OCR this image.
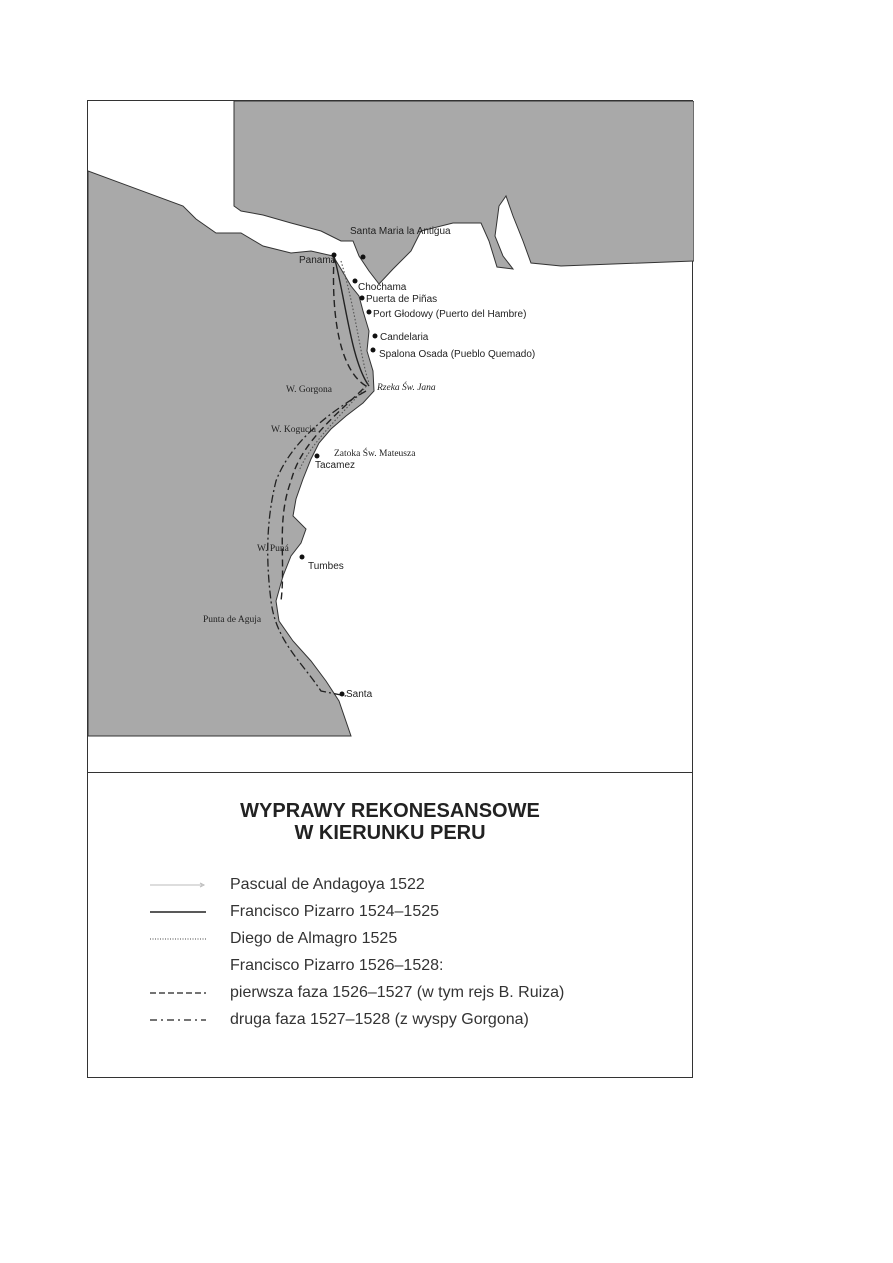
Santa Maria la Antigua
Panama
Chochama
Puerta de Piñas
Port Głodowy (Puerto del Hambre)
Candelaria
Spalona Osada (Pueblo Quemado)
W. Gorgona	Rzeka Św. Jana
W. Kogucia
Zatoka Św. Mateusza
Tacamez
W. Puná
Tumbes
Punta de Aguja
Santa
WYPRAWY REKONESANSOWE
W KIERUNKU PERU
Pascual de Andagoya 1522
Francisco Pizarro 1524–1525
Diego de Almagro 1525
Francisco Pizarro 1526–1528:
pierwsza faza 1526–1527 (w tym rejs B. Ruiza)
druga faza 1527–1528 (z wyspy Gorgona)
